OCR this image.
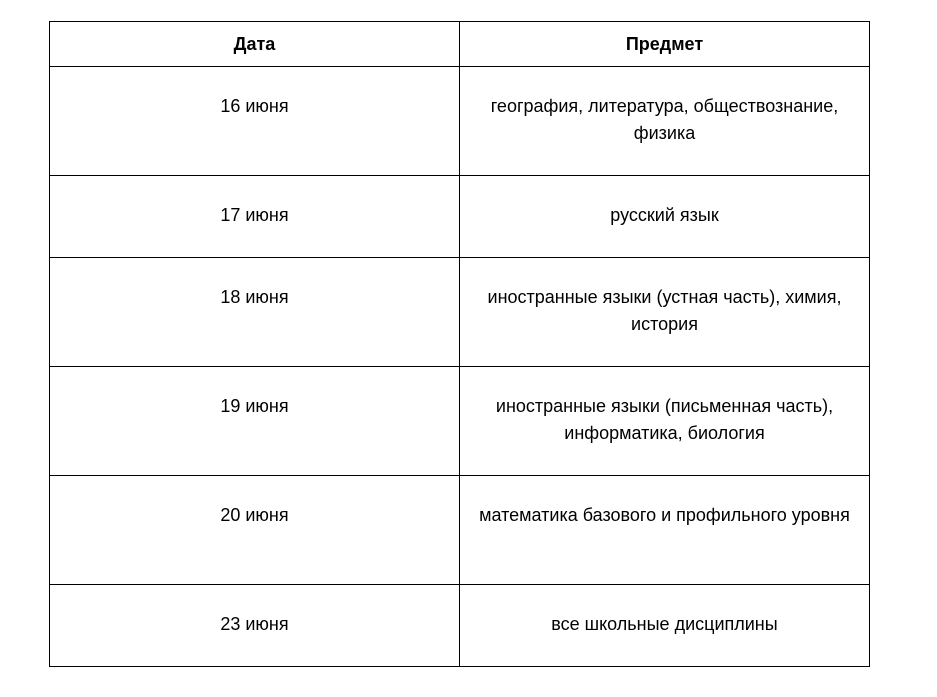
Дата	Предмет
16 июня	география, литература, обществознание, физика
17 июня	русский язык
18 июня	иностранные языки (устная часть), химия, история
19 июня	иностранные языки (письменная часть), информатика, биология
20 июня	математика базового и профильного уровня
23 июня	все школьные дисциплины
